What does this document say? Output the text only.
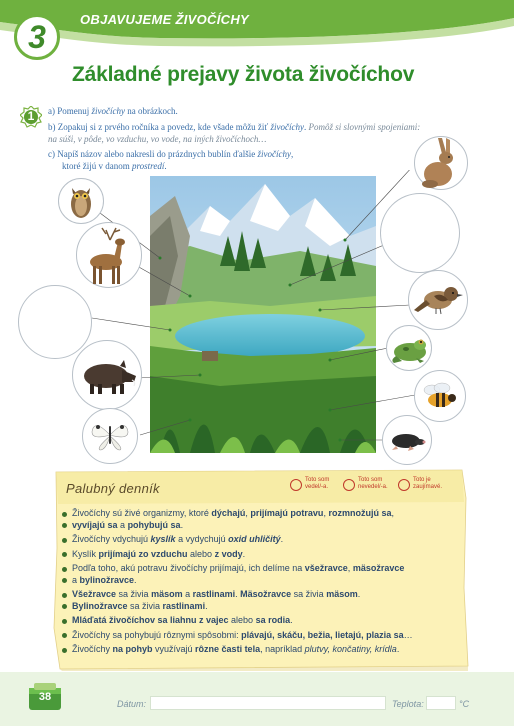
3	OBJAVUJEME ŽIVOČÍCHY
Základné prejavy života živočíchov
1	a) Pomenuj živočíchy na obrázkoch.
b) Zopakuj si z prvého ročníka a povedz, kde všade môžu žiť živočíchy. Pomôž si slovnými spojeniami:
na súši, v pôde, vo vzduchu, vo vode, na iných živočíchoch…
c) Napíš názov alebo nakresli do prázdnych bublín ďalšie živočíchy,
ktoré žijú v danom prostredí.
Palubný denník
Toto som
vedel/-a.
Toto som
nevedel/-a.
Toto je
zaujímavé.
Živočíchy sú živé organizmy, ktoré dýchajú, prijímajú potravu, rozmnožujú sa,
vyvíjajú sa a pohybujú sa.
Živočíchy vdychujú kyslík a vydychujú oxid uhličitý.
Kyslík prijímajú zo vzduchu alebo z vody.
Podľa toho, akú potravu živočíchy prijímajú, ich delíme na všežravce, mäsožravce
a bylinožravce.
Všežravce sa živia mäsom a rastlinami. Mäsožravce sa živia mäsom.
Bylinožravce sa živia rastlinami.
Mláďatá živočíchov sa liahnu z vajec alebo sa rodia.
Živočíchy sa pohybujú rôznymi spôsobmi: plávajú, skáču, bežia, lietajú, plazia sa…
Živočíchy na pohyb využívajú rôzne časti tela, napríklad plutvy, končatiny, krídla.
38
Dátum:	Teplota:	°C
